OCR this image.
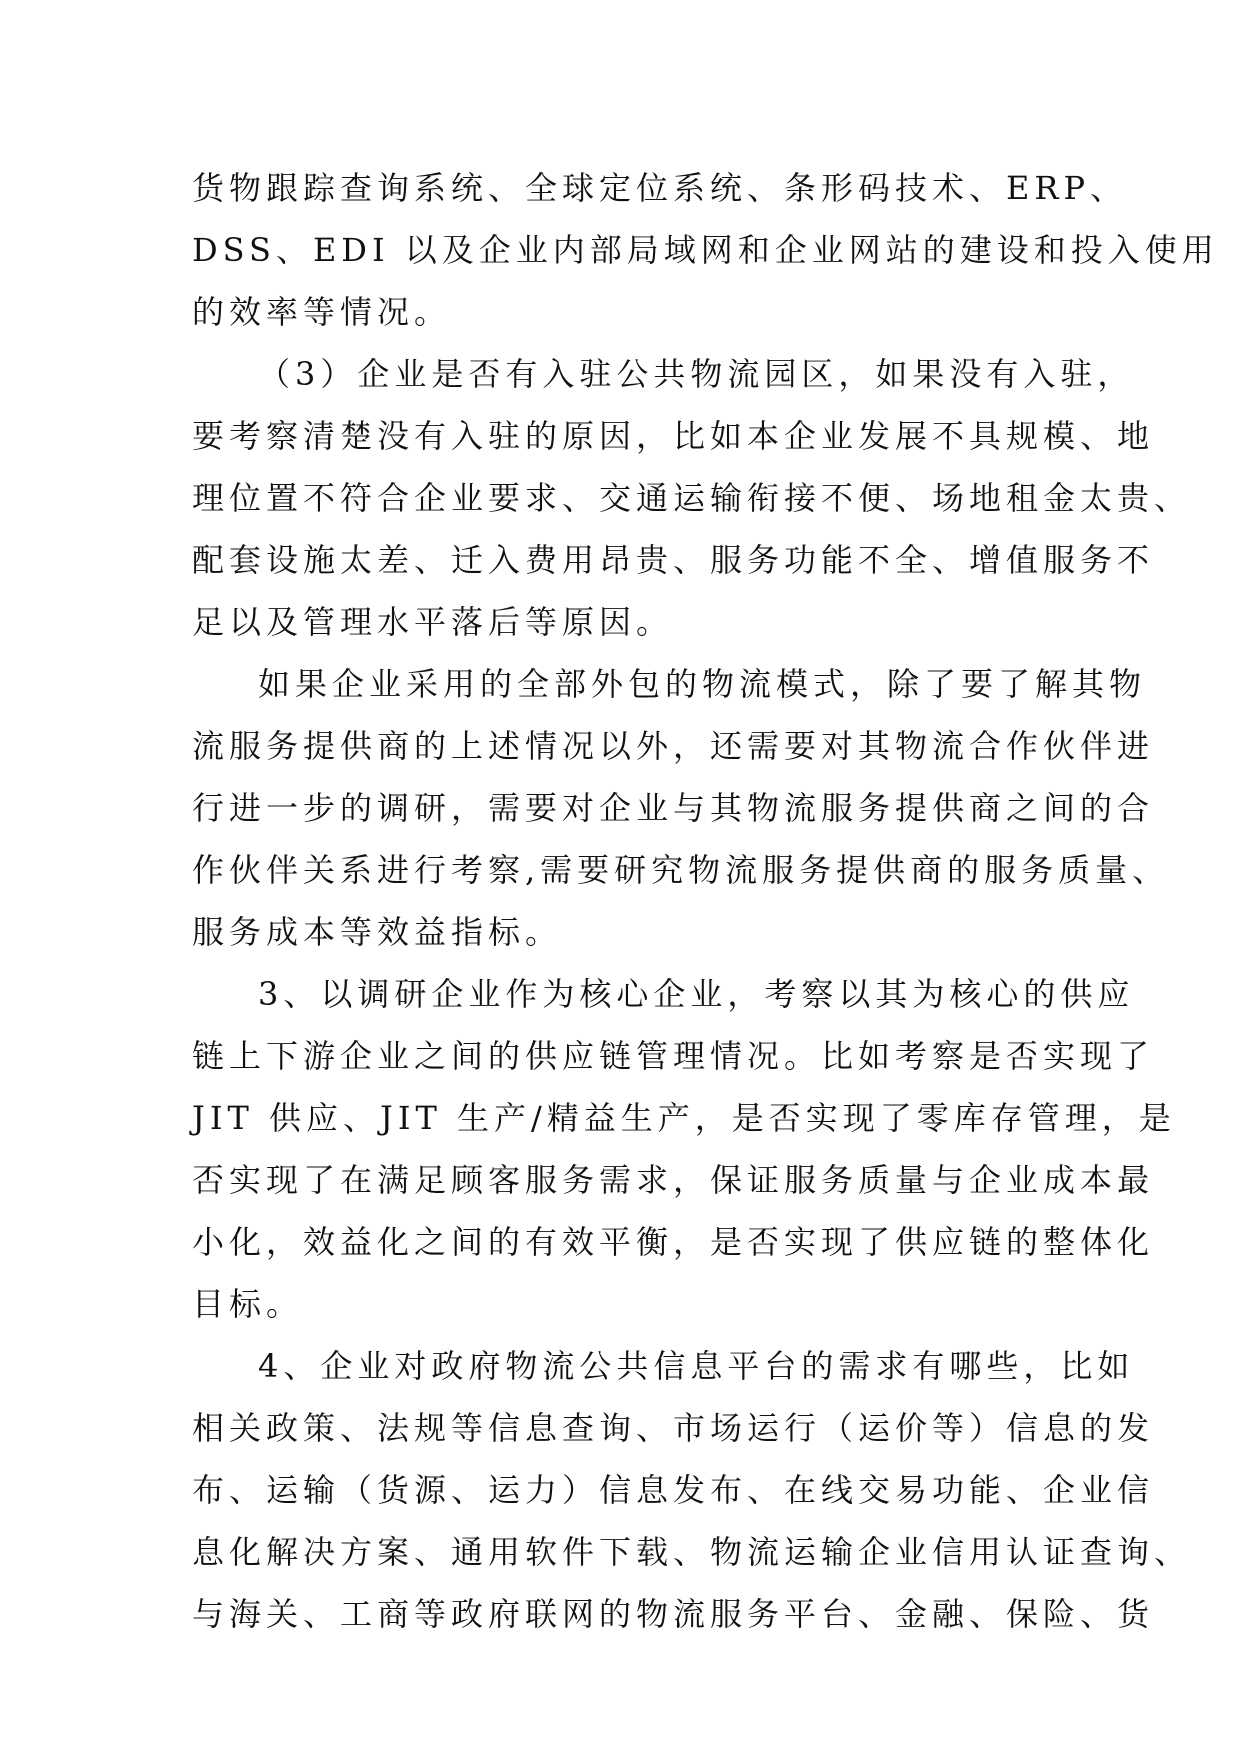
货物跟踪查询系统、全球定位系统、条形码技术、ERP、
DSS、EDI 以及企业内部局域网和企业网站的建设和投入使用
的效率等情况。
（3）企业是否有入驻公共物流园区，如果没有入驻，
要考察清楚没有入驻的原因，比如本企业发展不具规模、地
理位置不符合企业要求、交通运输衔接不便、场地租金太贵、
配套设施太差、迁入费用昂贵、服务功能不全、增值服务不
足以及管理水平落后等原因。
如果企业采用的全部外包的物流模式，除了要了解其物
流服务提供商的上述情况以外，还需要对其物流合作伙伴进
行进一步的调研，需要对企业与其物流服务提供商之间的合
作伙伴关系进行考察,需要研究物流服务提供商的服务质量、
服务成本等效益指标。
3、以调研企业作为核心企业，考察以其为核心的供应
链上下游企业之间的供应链管理情况。比如考察是否实现了
JIT 供应、JIT 生产/精益生产，是否实现了零库存管理，是
否实现了在满足顾客服务需求，保证服务质量与企业成本最
小化，效益化之间的有效平衡，是否实现了供应链的整体化
目标。
4、企业对政府物流公共信息平台的需求有哪些，比如
相关政策、法规等信息查询、市场运行（运价等）信息的发
布、运输（货源、运力）信息发布、在线交易功能、企业信
息化解决方案、通用软件下载、物流运输企业信用认证查询、
与海关、工商等政府联网的物流服务平台、金融、保险、货
